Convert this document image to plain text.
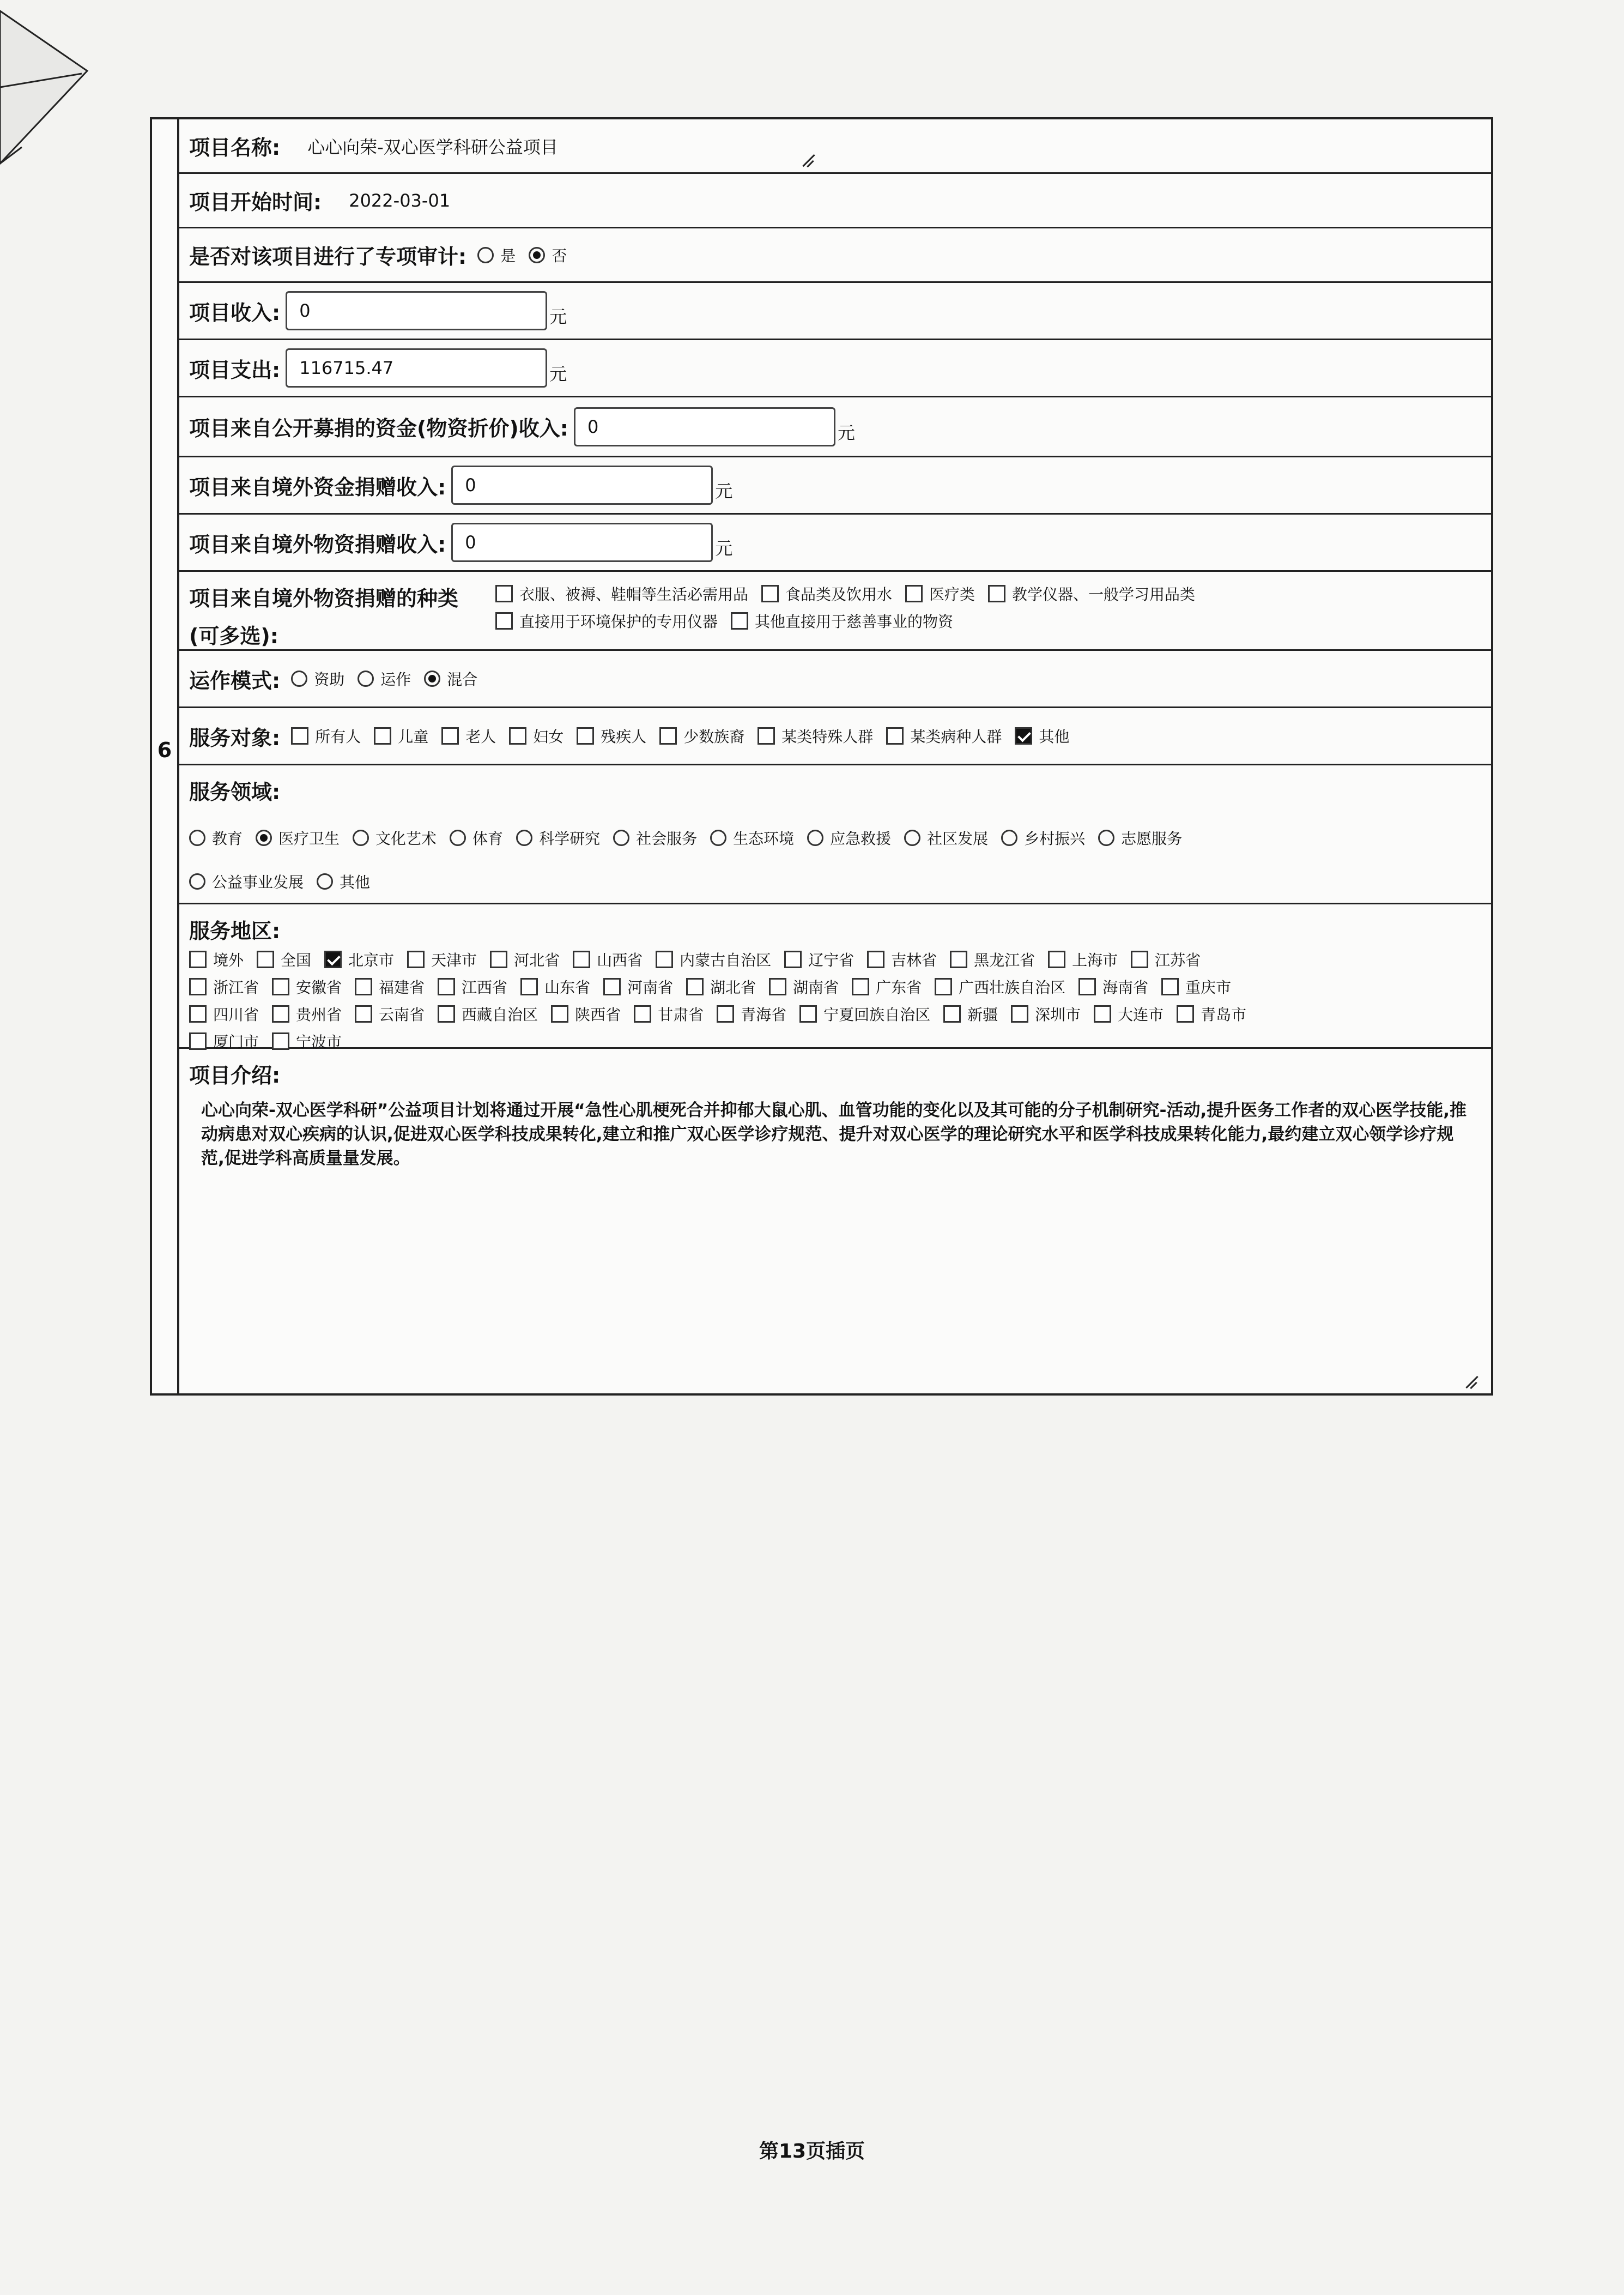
6
项目名称: 心心向荣-双心医学科研公益项目
项目开始时间: 2022-03-01
是否对该项目进行了专项审计: 是 否
项目收入:	0	元
项目支出:	116715.47	元
项目来自公开募捐的资金(物资折价)收入:	0	元
项目来自境外资金捐赠收入:	0	元
项目来自境外物资捐赠收入:	0	元
项目来自境外物资捐赠的种类
(可多选):
衣服、被褥、鞋帽等生活必需用品 食品类及饮用水 医疗类 教学仪器、一般学习用品类
直接用于环境保护的专用仪器 其他直接用于慈善事业的物资
运作模式: 资助 运作 混合
服务对象: 所有人 儿童 老人 妇女 残疾人 少数族裔 某类特殊人群 某类病种人群 其他
服务领域:
教育 医疗卫生 文化艺术 体育 科学研究 社会服务 生态环境 应急救援 社区发展 乡村振兴 志愿服务
公益事业发展 其他
服务地区:
境外 全国 北京市 天津市 河北省 山西省 内蒙古自治区 辽宁省 吉林省 黑龙江省 上海市 江苏省
浙江省 安徽省 福建省 江西省 山东省 河南省 湖北省 湖南省 广东省 广西壮族自治区 海南省 重庆市
四川省 贵州省 云南省 西藏自治区 陕西省 甘肃省 青海省 宁夏回族自治区 新疆 深圳市 大连市 青岛市
厦门市 宁波市
项目介绍:
心心向荣-双心医学科研”公益项目计划将通过开展“急性心肌梗死合并抑郁大鼠心肌、血管功能的变化以及其可能的分子机制研究-活动,提升医务工作者的双心医学技能,推动病患对双心疾病的认识,促进双心医学科技成果转化,建立和推广双心医学诊疗规范、提升对双心医学的理论研究水平和医学科技成果转化能力,最约建立双心领学诊疗规范,促进学科高质量量发展。
第13页插页
